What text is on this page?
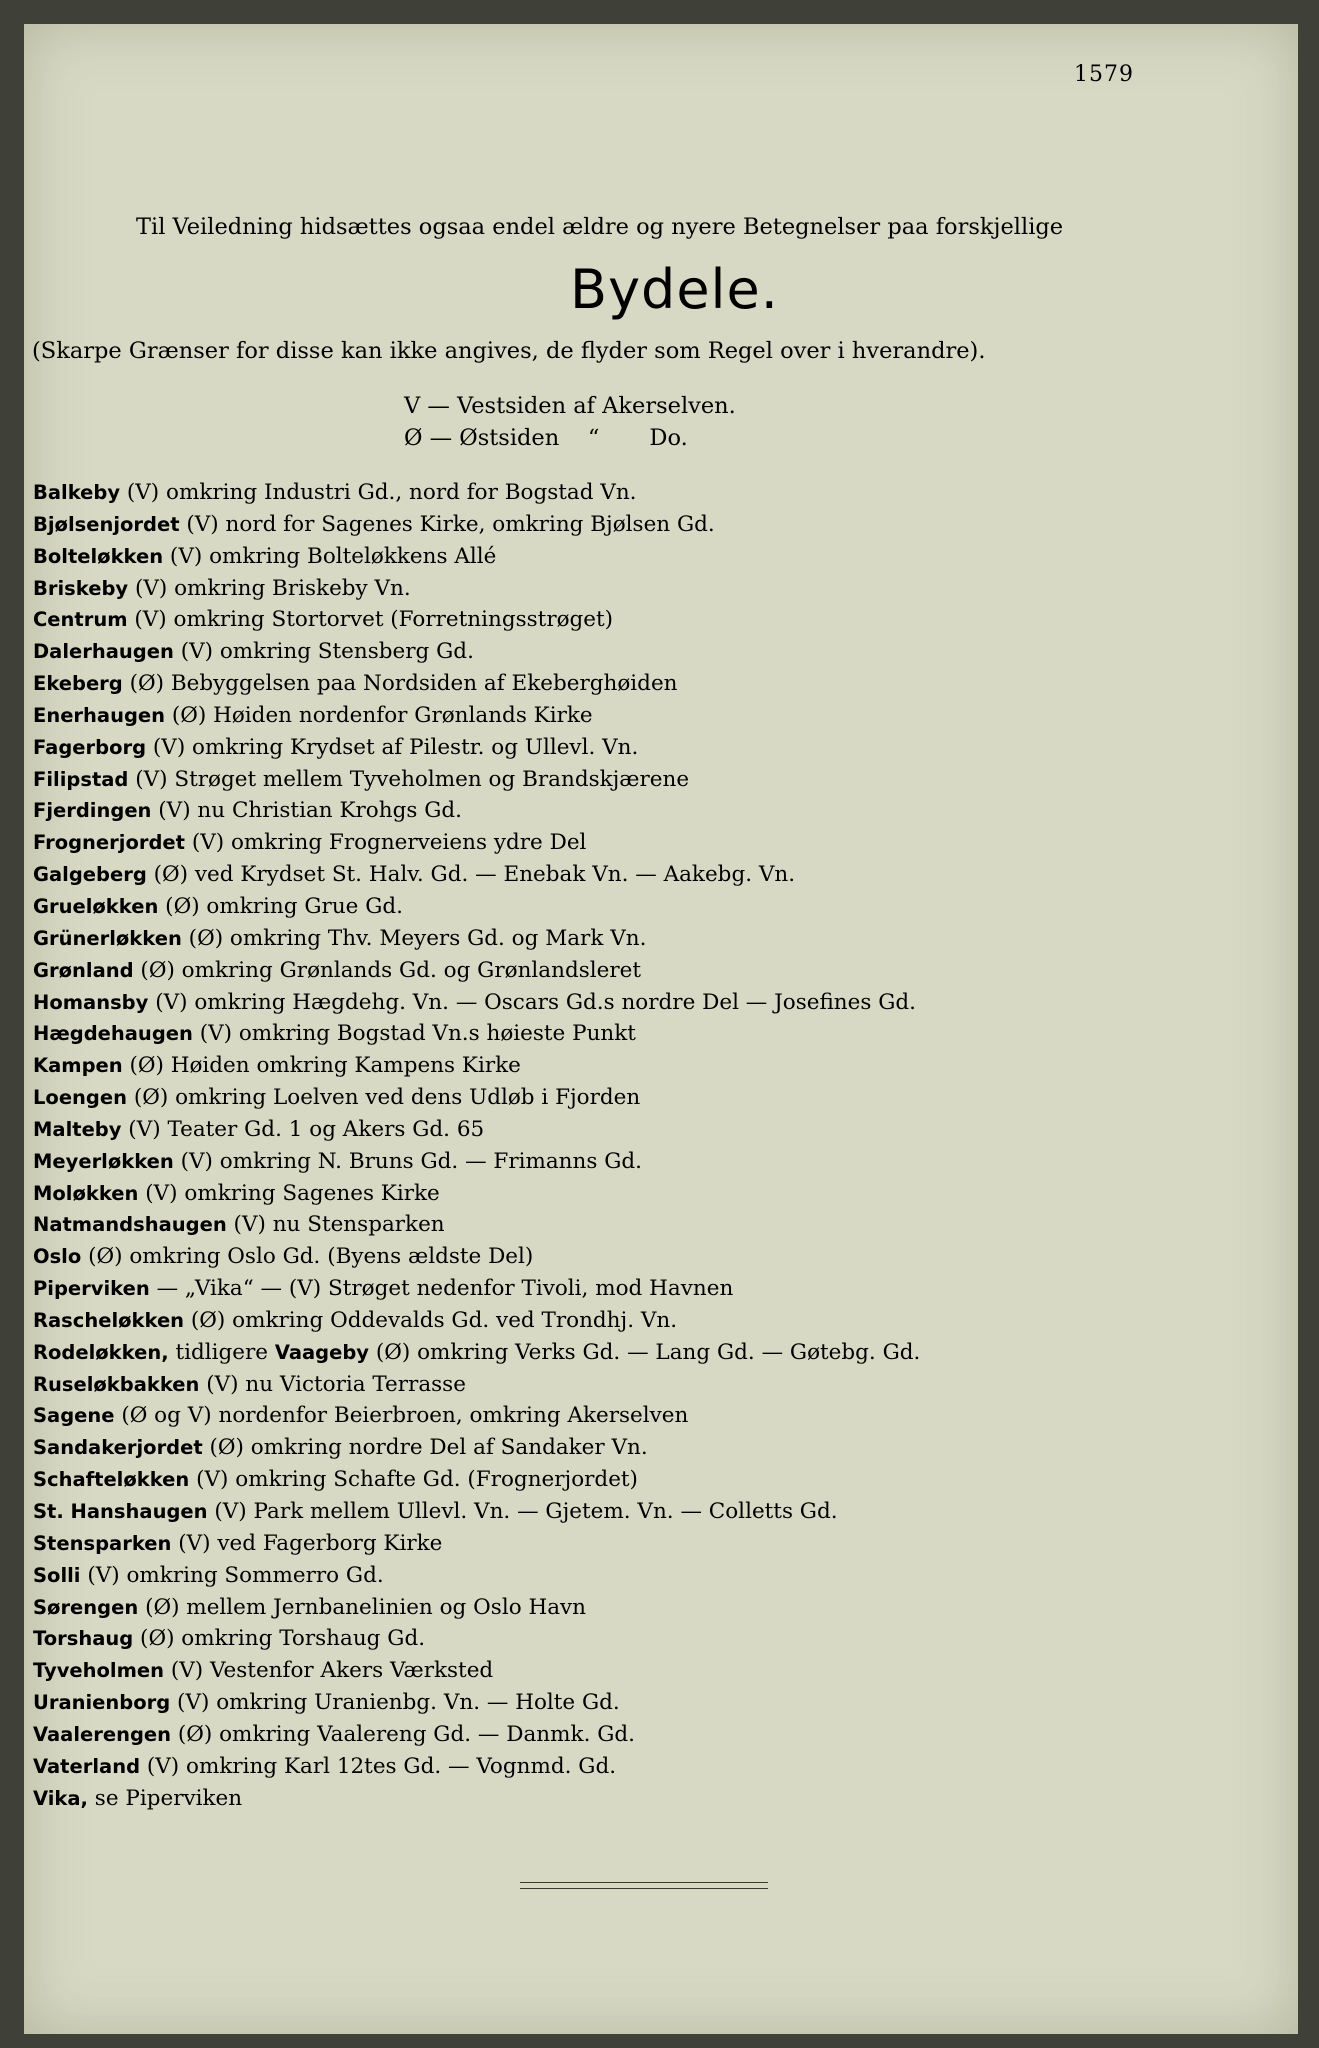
1579
Til Veiledning hidsættes ogsaa endel ældre og nyere Betegnelser paa forskjellige
Bydele.
(Skarpe Grænser for disse kan ikke angives, de flyder som Regel over i hverandre).
V — Vestsiden af Akerselven.
Ø — Østsiden    “       Do.
Balkeby (V) omkring Industri Gd., nord for Bogstad Vn.
Bjølsenjordet (V) nord for Sagenes Kirke, omkring Bjølsen Gd.
Bolteløkken (V) omkring Bolteløkkens Allé
Briskeby (V) omkring Briskeby Vn.
Centrum (V) omkring Stortorvet (Forretningsstrøget)
Dalerhaugen (V) omkring Stensberg Gd.
Ekeberg (Ø) Bebyggelsen paa Nordsiden af Ekeberghøiden
Enerhaugen (Ø) Høiden nordenfor Grønlands Kirke
Fagerborg (V) omkring Krydset af Pilestr. og Ullevl. Vn.
Filipstad (V) Strøget mellem Tyveholmen og Brandskjærene
Fjerdingen (V) nu Christian Krohgs Gd.
Frognerjordet (V) omkring Frognerveiens ydre Del
Galgeberg (Ø) ved Krydset St. Halv. Gd. — Enebak Vn. — Aakebg. Vn.
Grueløkken (Ø) omkring Grue Gd.
Grünerløkken (Ø) omkring Thv. Meyers Gd. og Mark Vn.
Grønland (Ø) omkring Grønlands Gd. og Grønlandsleret
Homansby (V) omkring Hægdehg. Vn. — Oscars Gd.s nordre Del — Josefines Gd.
Hægdehaugen (V) omkring Bogstad Vn.s høieste Punkt
Kampen (Ø) Høiden omkring Kampens Kirke
Loengen (Ø) omkring Loelven ved dens Udløb i Fjorden
Malteby (V) Teater Gd. 1 og Akers Gd. 65
Meyerløkken (V) omkring N. Bruns Gd. — Frimanns Gd.
Moløkken (V) omkring Sagenes Kirke
Natmandshaugen (V) nu Stensparken
Oslo (Ø) omkring Oslo Gd. (Byens ældste Del)
Piperviken — „Vika“ — (V) Strøget nedenfor Tivoli, mod Havnen
Rascheløkken (Ø) omkring Oddevalds Gd. ved Trondhj. Vn.
Rodeløkken, tidligere Vaageby (Ø) omkring Verks Gd. — Lang Gd. — Gøtebg. Gd.
Ruseløkbakken (V) nu Victoria Terrasse
Sagene (Ø og V) nordenfor Beierbroen, omkring Akerselven
Sandakerjordet (Ø) omkring nordre Del af Sandaker Vn.
Schafteløkken (V) omkring Schafte Gd. (Frognerjordet)
St. Hanshaugen (V) Park mellem Ullevl. Vn. — Gjetem. Vn. — Colletts Gd.
Stensparken (V) ved Fagerborg Kirke
Solli (V) omkring Sommerro Gd.
Sørengen (Ø) mellem Jernbanelinien og Oslo Havn
Torshaug (Ø) omkring Torshaug Gd.
Tyveholmen (V) Vestenfor Akers Værksted
Uranienborg (V) omkring Uranienbg. Vn. — Holte Gd.
Vaalerengen (Ø) omkring Vaalereng Gd. — Danmk. Gd.
Vaterland (V) omkring Karl 12tes Gd. — Vognmd. Gd.
Vika, se Piperviken
